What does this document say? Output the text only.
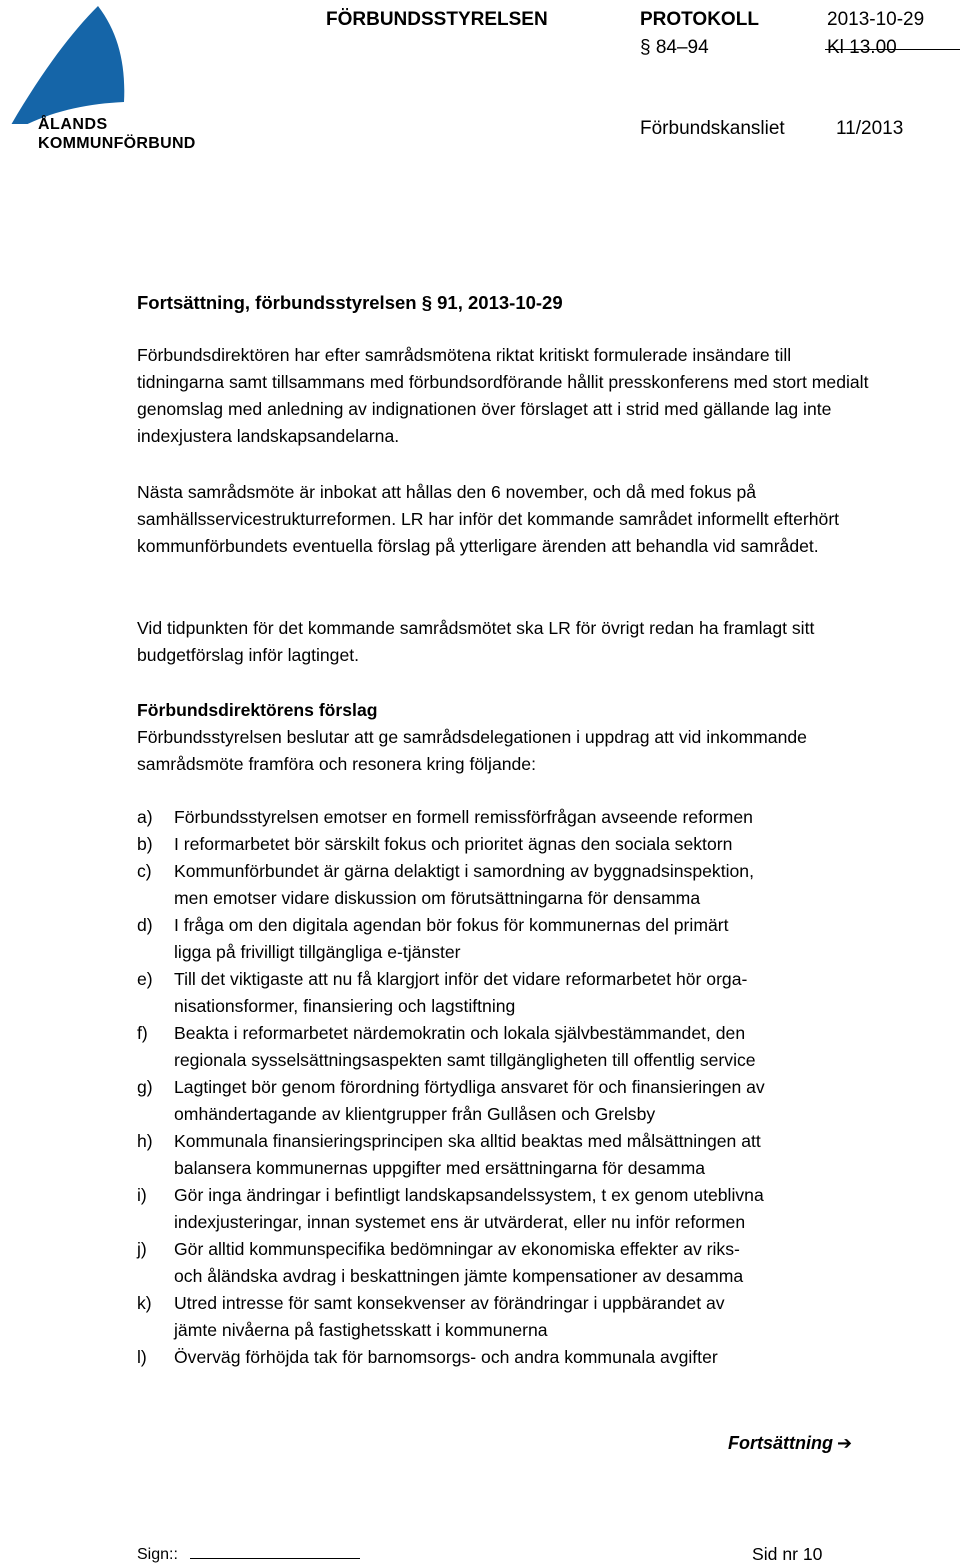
ÅLANDS
KOMMUNFÖRBUND
FÖRBUNDSSTYRELSEN	PROTOKOLL	2013-10-29
§ 84–94	Kl 13.00
Förbundskansliet	11/2013
Fortsättning, förbundsstyrelsen § 91, 2013-10-29

Förbundsdirektören har efter samrådsmötena riktat kritiskt formulerade insändare till tidningarna samt tillsammans med förbundsordförande hållit presskonferens med stort medialt genomslag med anledning av indignationen över förslaget att i strid med gällande lag inte indexjustera landskapsandelarna.

Nästa samrådsmöte är inbokat att hållas den 6 november, och då med fokus på samhällsservicestrukturreformen. LR har inför det kommande samrådet informellt efterhört kommunförbundets eventuella förslag på ytterligare ärenden att behandla vid samrådet.

Vid tidpunkten för det kommande samrådsmötet ska LR för övrigt redan ha framlagt sitt budgetförslag inför lagtinget.

Förbundsdirektörens förslag

Förbundsstyrelsen beslutar att ge samrådsdelegationen i uppdrag att vid inkommande samrådsmöte framföra och resonera kring följande:

a)	Förbundsstyrelsen emotser en formell remissförfrågan avseende reformen
b)	I reformarbetet bör särskilt fokus och prioritet ägnas den sociala sektorn
c)	Kommunförbundet är gärna delaktigt i samordning av byggnadsinspektion,
men emotser vidare diskussion om förutsättningarna för densamma
d)	I fråga om den digitala agendan bör fokus för kommunernas del primärt
ligga på frivilligt tillgängliga e-tjänster
e)	Till det viktigaste att nu få klargjort inför det vidare reformarbetet hör orga-
nisationsformer, finansiering och lagstiftning
f)	Beakta i reformarbetet närdemokratin och lokala självbestämmandet, den
regionala sysselsättningsaspekten samt tillgängligheten till offentlig service
g)	Lagtinget bör genom förordning förtydliga ansvaret för och finansieringen av
omhändertagande av klientgrupper från Gullåsen och Grelsby
h)	Kommunala finansieringsprincipen ska alltid beaktas med målsättningen att
balansera kommunernas uppgifter med ersättningarna för desamma
i)	Gör inga ändringar i befintligt landskapsandelssystem, t ex genom uteblivna
indexjusteringar, innan systemet ens är utvärderat, eller nu inför reformen
j)	Gör alltid kommunspecifika bedömningar av ekonomiska effekter av riks-
och åländska avdrag i beskattningen jämte kompensationer av desamma
k)	Utred intresse för samt konsekvenser av förändringar i uppbärandet av
jämte nivåerna på fastighetsskatt i kommunerna
l)	Överväg förhöjda tak för barnomsorgs- och andra kommunala avgifter
Fortsättning ➔
Sign::	Sid nr 10
